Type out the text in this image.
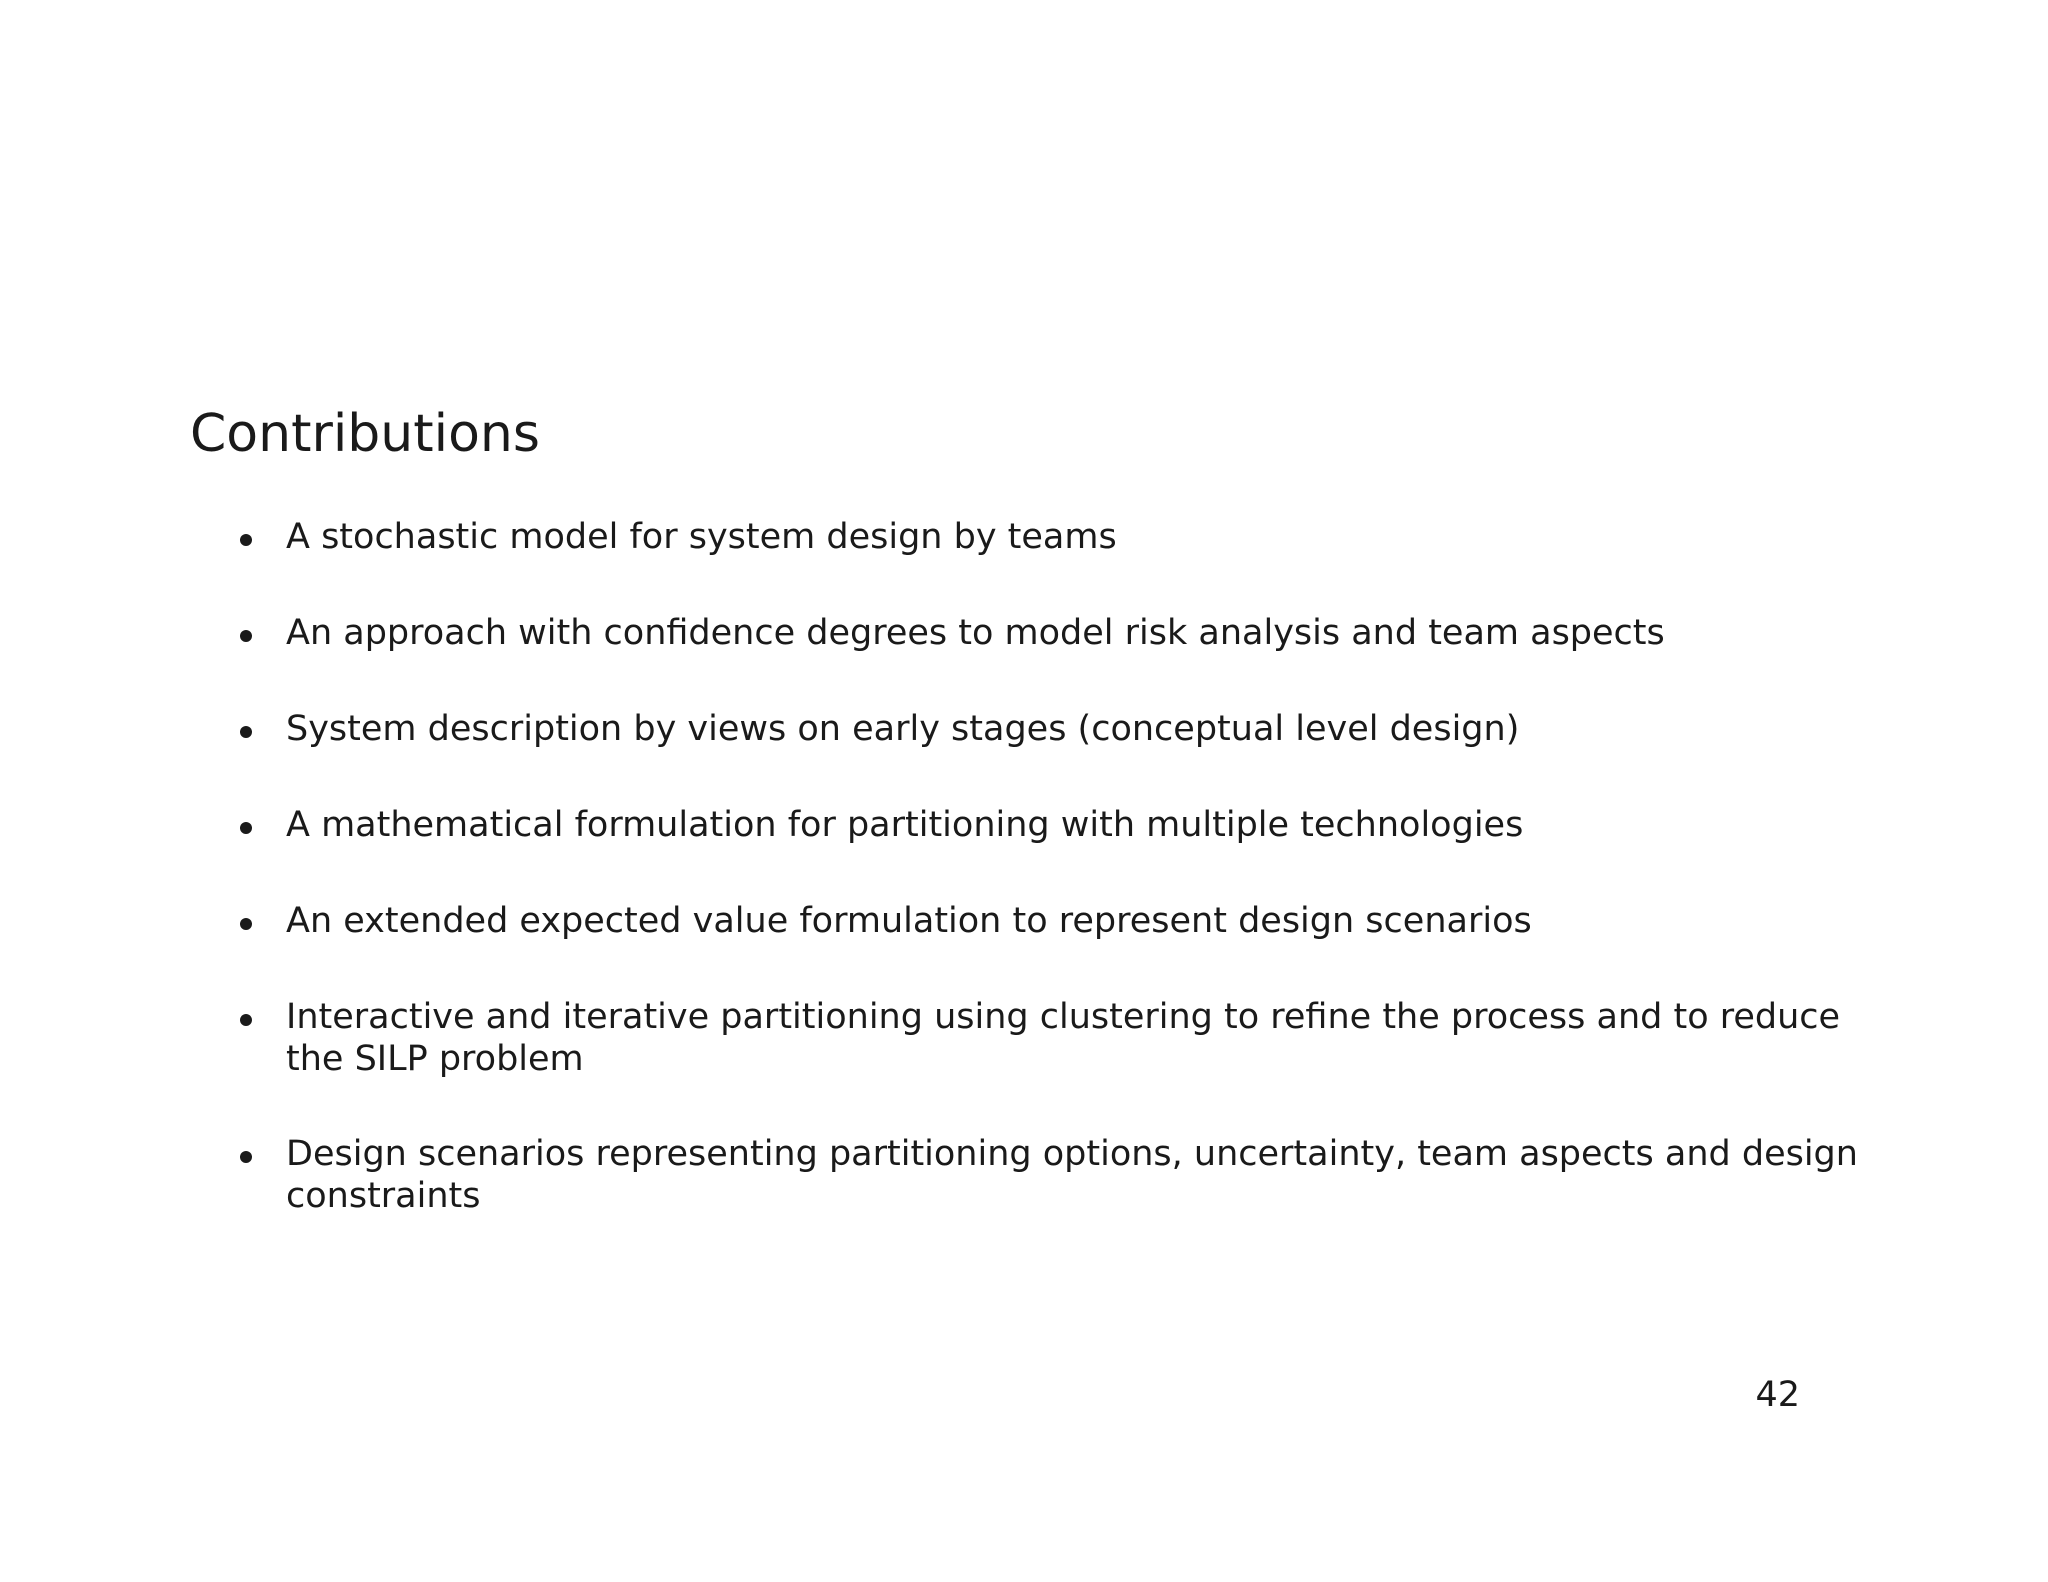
Contributions
A stochastic model for system design by teams
An approach with confidence degrees to model risk analysis and team aspects
System description by views on early stages (conceptual level design)
A mathematical formulation for partitioning with multiple technologies
An extended expected value formulation to represent design scenarios
Interactive and iterative partitioning using clustering to refine the process and to reduce the SILP problem
Design scenarios representing partitioning options, uncertainty, team aspects and design constraints
42
